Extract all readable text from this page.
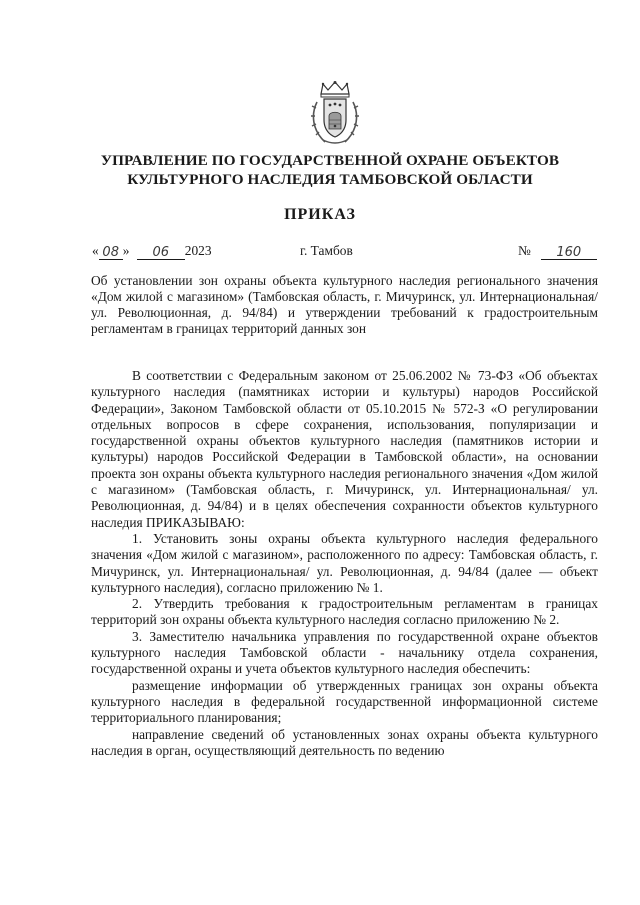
УПРАВЛЕНИЕ ПО ГОСУДАРСТВЕННОЙ ОХРАНЕ ОБЪЕКТОВ
КУЛЬТУРНОГО НАСЛЕДИЯ ТАМБОВСКОЙ ОБЛАСТИ
ПРИКАЗ
« 08 » 06 2023	г. Тамбов	№ 160
Об установлении зон охраны объекта культурного наследия регионального значения «Дом жилой с магазином» (Тамбовская область, г. Мичуринск, ул. Интернациональная/ ул. Революционная, д. 94/84) и утверждении требований к градостроительным регламентам в границах территорий данных зон

В соответствии с Федеральным законом от 25.06.2002 № 73-ФЗ «Об объектах культурного наследия (памятниках истории и культуры) народов Российской Федерации», Законом Тамбовской области от 05.10.2015 № 572-З «О регулировании отдельных вопросов в сфере сохранения, использования, популяризации и государственной охраны объектов культурного наследия (памятников истории и культуры) народов Российской Федерации в Тамбовской области», на основании проекта зон охраны объекта культурного наследия регионального значения «Дом жилой с магазином» (Тамбовская область, г. Мичуринск, ул. Интернациональная/ ул. Революционная, д. 94/84) и в целях обеспечения сохранности объектов культурного наследия ПРИКАЗЫВАЮ:

1. Установить зоны охраны объекта культурного наследия федерального значения «Дом жилой с магазином», расположенного по адресу: Тамбовская область, г. Мичуринск, ул. Интернациональная/ ул. Революционная, д. 94/84 (далее — объект культурного наследия), согласно приложению № 1.

2. Утвердить требования к градостроительным регламентам в границах территорий зон охраны объекта культурного наследия согласно приложению № 2.

3. Заместителю начальника управления по государственной охране объектов культурного наследия Тамбовской области - начальнику отдела сохранения, государственной охраны и учета объектов культурного наследия обеспечить:

размещение информации об утвержденных границах зон охраны объекта культурного наследия в федеральной государственной информационной системе территориального планирования;

направление сведений об установленных зонах охраны объекта культурного наследия в орган, осуществляющий деятельность по ведению
